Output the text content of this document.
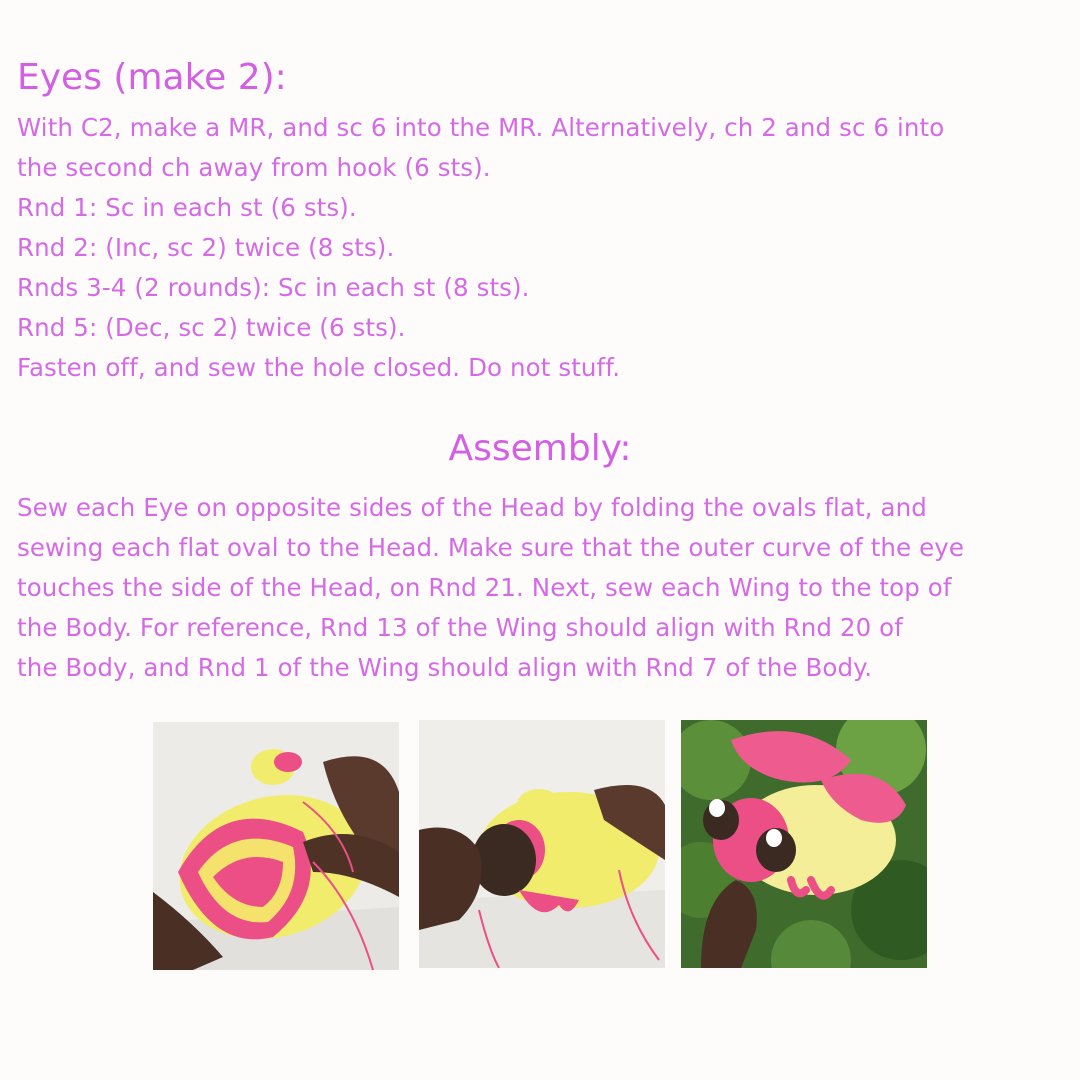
Eyes (make 2):
With C2, make a MR, and sc 6 into the MR. Alternatively, ch 2 and sc 6 into
the second ch away from hook (6 sts).
Rnd 1: Sc in each st (6 sts).
Rnd 2: (Inc, sc 2) twice (8 sts).
Rnds 3-4 (2 rounds): Sc in each st (8 sts).
Rnd 5: (Dec, sc 2) twice (6 sts).
Fasten off, and sew the hole closed. Do not stuff.
Assembly:
Sew each Eye on opposite sides of the Head by folding the ovals flat, and
sewing each flat oval to the Head. Make sure that the outer curve of the eye
touches the side of the Head, on Rnd 21. Next, sew each Wing to the top of
the Body. For reference, Rnd 13 of the Wing should align with Rnd 20 of
the Body, and Rnd 1 of the Wing should align with Rnd 7 of the Body.
